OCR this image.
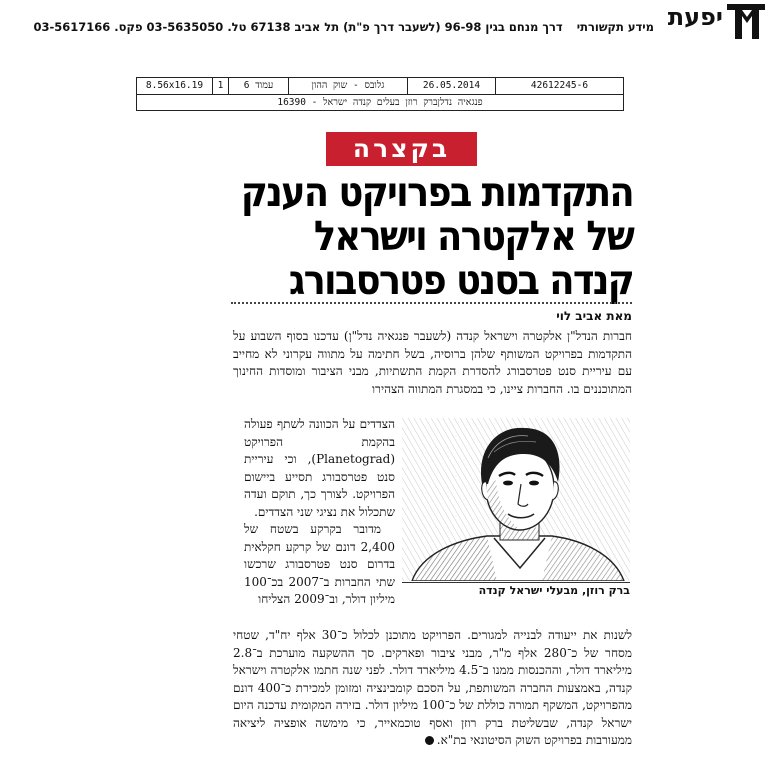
יפעת
מידע תקשורתי דרך מנחם בגין 96-98 (לשעבר דרך פ"ת) תל אביב 67138 טל. 03-5635050 פקס. 03-5617166
8.56x16.19	1	עמוד 6	גלובס - שוק ההון	26.05.2014	42612245-6
פנגאיה נדלןברק רוזן בעלים קנדה ישראל - 16390
בקצרה
התקדמות בפרויקט הענק
של אלקטרה וישראל
קנדה בסנט פטרסבורג
מאת אביב לוי

חברות הנדל"ן אלקטרה וישראל קנדה (לשעבר פנגאיה נדל"ן) עדכנו בסוף השבוע על התקדמות בפרויקט המשותף שלהן ברוסיה, בשל חתימה על מתווה עקרוני לא מחייב עם עיריית סנט פטרסבורג להסדרת הקמת התשתיות, מבני הציבור ומוסדות החינוך המתוכננים בו. החברות ציינו, כי במסגרת המתווה הצהירו

הצדדים על הכוונה לשתף פעולה בהקמת הפרויקט (Planetograd), וכי עיריית סנט פטרסבורג תסייע ביישום הפרויקט. לצורך כך, תוקם ועדה שתכלול את נציגי שני הצדדים.

מדובר בקרקע בשטח של 2,400 דונם של קרקע חקלאית בדרום סנט פטרסבורג שרכשו שתי החברות ב־2007 בכ־100 מיליון דולר, וב־2009 הצליחו

ברק רוזן, מבעלי ישראל קנדה

לשנות את ייעודה לבנייה למגורים. הפרויקט מתוכנן לכלול כ־30 אלף יח"ד, שטחי מסחר של כ־280 אלף מ"ר, מבני ציבור ופארקים. סך ההשקעה מוערכת ב־2.8 מיליארד דולר, וההכנסות ממנו ב־4.5 מיליארד דולר. לפני שנה חתמו אלקטרה וישראל קנדה, באמצעות החברה המשותפת, על הסכם קומבינציה ומזומן למכירת כ־400 דונם מהפרויקט, המשקף תמורה כוללת של כ־100 מיליון דולר. בזירה המקומית עדכנה היום ישראל קנדה, שבשליטת ברק רוזן ואסף טוכמאייר, כי מימשה אופציה ליציאה ממעורבות בפרויקט השוק הסיטונאי בת"א.
